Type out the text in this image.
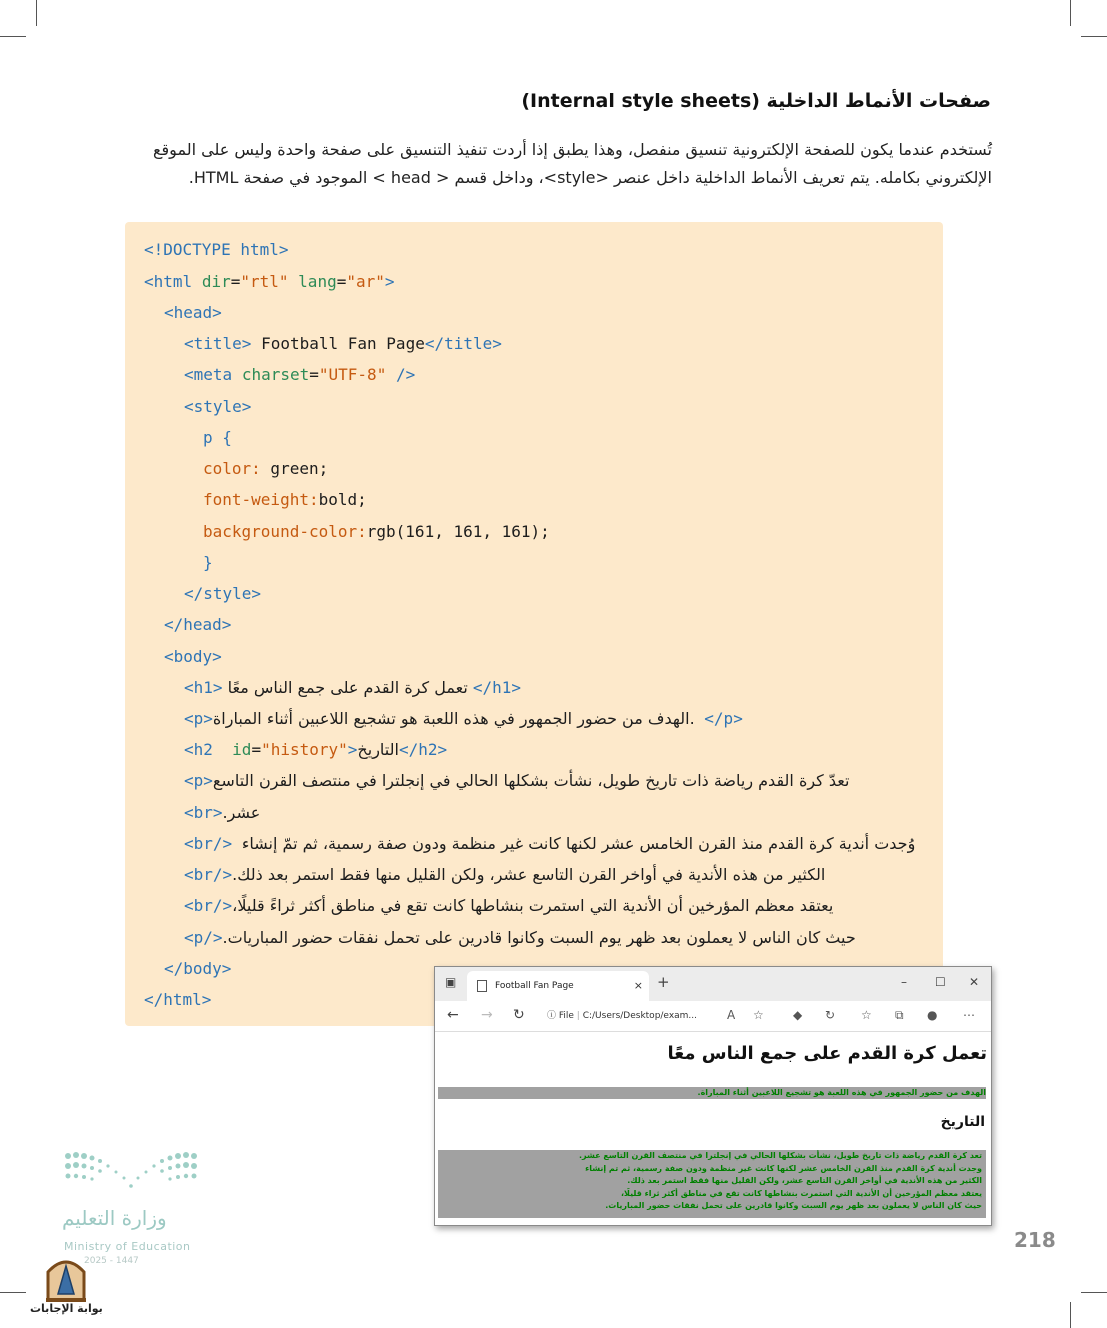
صفحات الأنماط الداخلية (Internal style sheets)
تُستخدم عندما يكون للصفحة الإلكترونية تنسيق منفصل، وهذا يطبق إذا أردت تنفيذ التنسيق على صفحة واحدة وليس على الموقع الإلكتروني بكامله. يتم تعريف الأنماط الداخلية داخل عنصر <style>، وداخل قسم < head > الموجود في صفحة HTML.
<!DOCTYPE html>
<html dir="rtl" lang="ar">
<head>
<title> Football Fan Page</title>
<meta charset="UTF-8" />
<style>
p {
color: green;
font-weight:bold;
background-color:rgb(161, 161, 161);
}
</style>
</head>
<body>
<h1> تعمل كرة القدم على جمع الناس معًا </h1>
<p>الهدف من حضور الجمهور في هذه اللعبة هو تشجيع اللاعبين أثناء المباراة. </p>
<h2 id="history">التاريخ</h2>
<p>تعدّ كرة القدم رياضة ذات تاريخ طويل، نشأت بشكلها الحالي في إنجلترا في منتصف القرن التاسع
عشر.<br>
وُجدت أندية كرة القدم منذ القرن الخامس عشر لكنها كانت غير منظمة ودون صفة رسمية، ثم تمّ إنشاء </br>
الكثير من هذه الأندية في أواخر القرن التاسع عشر، ولكن القليل منها فقط استمر بعد ذلك.</br>
يعتقد معظم المؤرخين أن الأندية التي استمرت بنشاطها كانت تقع في مناطق أكثر ثراءً قليلًا،</br>
حيث كان الناس لا يعملون بعد ظهر يوم السبت وكانوا قادرين على تحمل نفقات حضور المباريات.</p>
</body>
</html>
▣	Football Fan Page	× +	– ☐ ✕
← → ↻ ⓘ File | C:/Users/Desktop/exam...	A ☆ ◆ ↻ ☆ ⧉ ● ⋯
تعمل كرة القدم على جمع الناس معًا
الهدف من حضور الجمهور في هذه اللعبة هو تشجيع اللاعبين أثناء المباراة.
التاريخ
تعد كرة القدم رياضة ذات تاريخ طويل، نشأت بشكلها الحالي في إنجلترا في منتصف القرن التاسع عشر.
وجدت أندية كرة القدم منذ القرن الخامس عشر لكنها كانت غير منظمة ودون صفة رسمية، ثم تم إنشاء
الكثير من هذه الأندية في أواخر القرن التاسع عشر، ولكن القليل منها فقط استمر بعد ذلك.
يعتقد معظم المؤرخين أن الأندية التي استمرت بنشاطها كانت تقع في مناطق أكثر ثراء قليلًا،
حيث كان الناس لا يعملون بعد ظهر يوم السبت وكانوا قادرين على تحمل نفقات حضور المباريات.
218
وزارة التعليم
Ministry of Education
2025 - 1447
بوابة الإجابات
